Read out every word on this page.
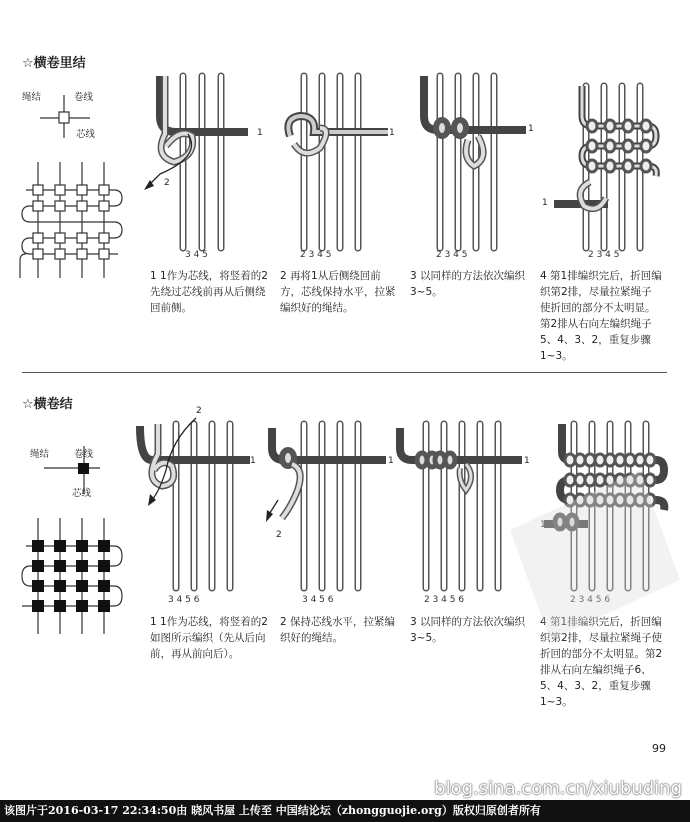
☆横卷里结
绳结	卷线
芯线	1
2
3 4 5
1 1作为芯线，将竖着的2先绕过芯线前再从后侧绕回前侧。
1
2 3 4 5
2 再将1从后侧绕回前方，芯线保持水平，拉紧编织好的绳结。
1
2 3 4 5
3 以同样的方法依次编织3~5。
1
2 3 4 5
4 第1排编织完后，折回编织第2排，尽量拉紧绳子使折回的部分不太明显。第2排从右向左编织绳子5、4、3、2，重复步骤1~3。
☆横卷结
绳结	卷线
芯线
2
1
3 4 5 6
1 1作为芯线，将竖着的2如图所示编织（先从后向前，再从前向后）。
1
2
3 4 5 6
2 保持芯线水平，拉紧编织好的绳结。
1
2 3 4 5 6
3 以同样的方法依次编织3~5。
1
2 3 4 5 6
4 第1排编织完后，折回编织第2排，尽量拉紧绳子使折回的部分不太明显。第2排从右向左编织绳子6、5、4、3、2，重复步骤1~3。
99
blog.sina.com.cn/xiubuding
该图片于2016-03-17 22:34:50由 晓风书屋 上传至 中国结论坛（zhongguojie.org）版权归原创者所有
